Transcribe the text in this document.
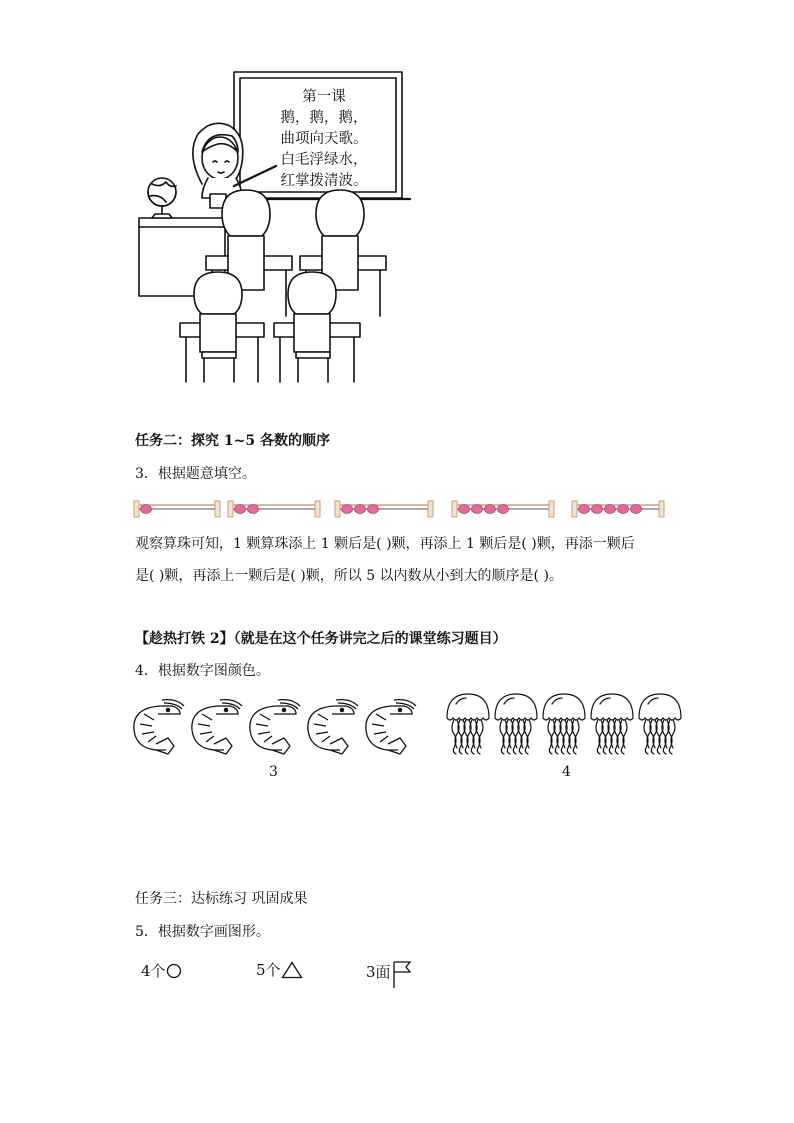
第一课
鹅，鹅，鹅，
曲项向天歌。
白毛浮绿水，
红掌拨清波。
任务二：探究 1~5 各数的顺序
3．根据题意填空。
观察算珠可知，1 颗算珠添上 1 颗后是( )颗，再添上 1 颗后是( )颗，再添一颗后
是( )颗，再添上一颗后是( )颗，所以 5 以内数从小到大的顺序是( )。
【趁热打铁 2】（就是在这个任务讲完之后的课堂练习题目）
4．根据数字图颜色。
3	4
任务三：达标练习 巩固成果
5．根据数字画图形。
4个	5个	3面
